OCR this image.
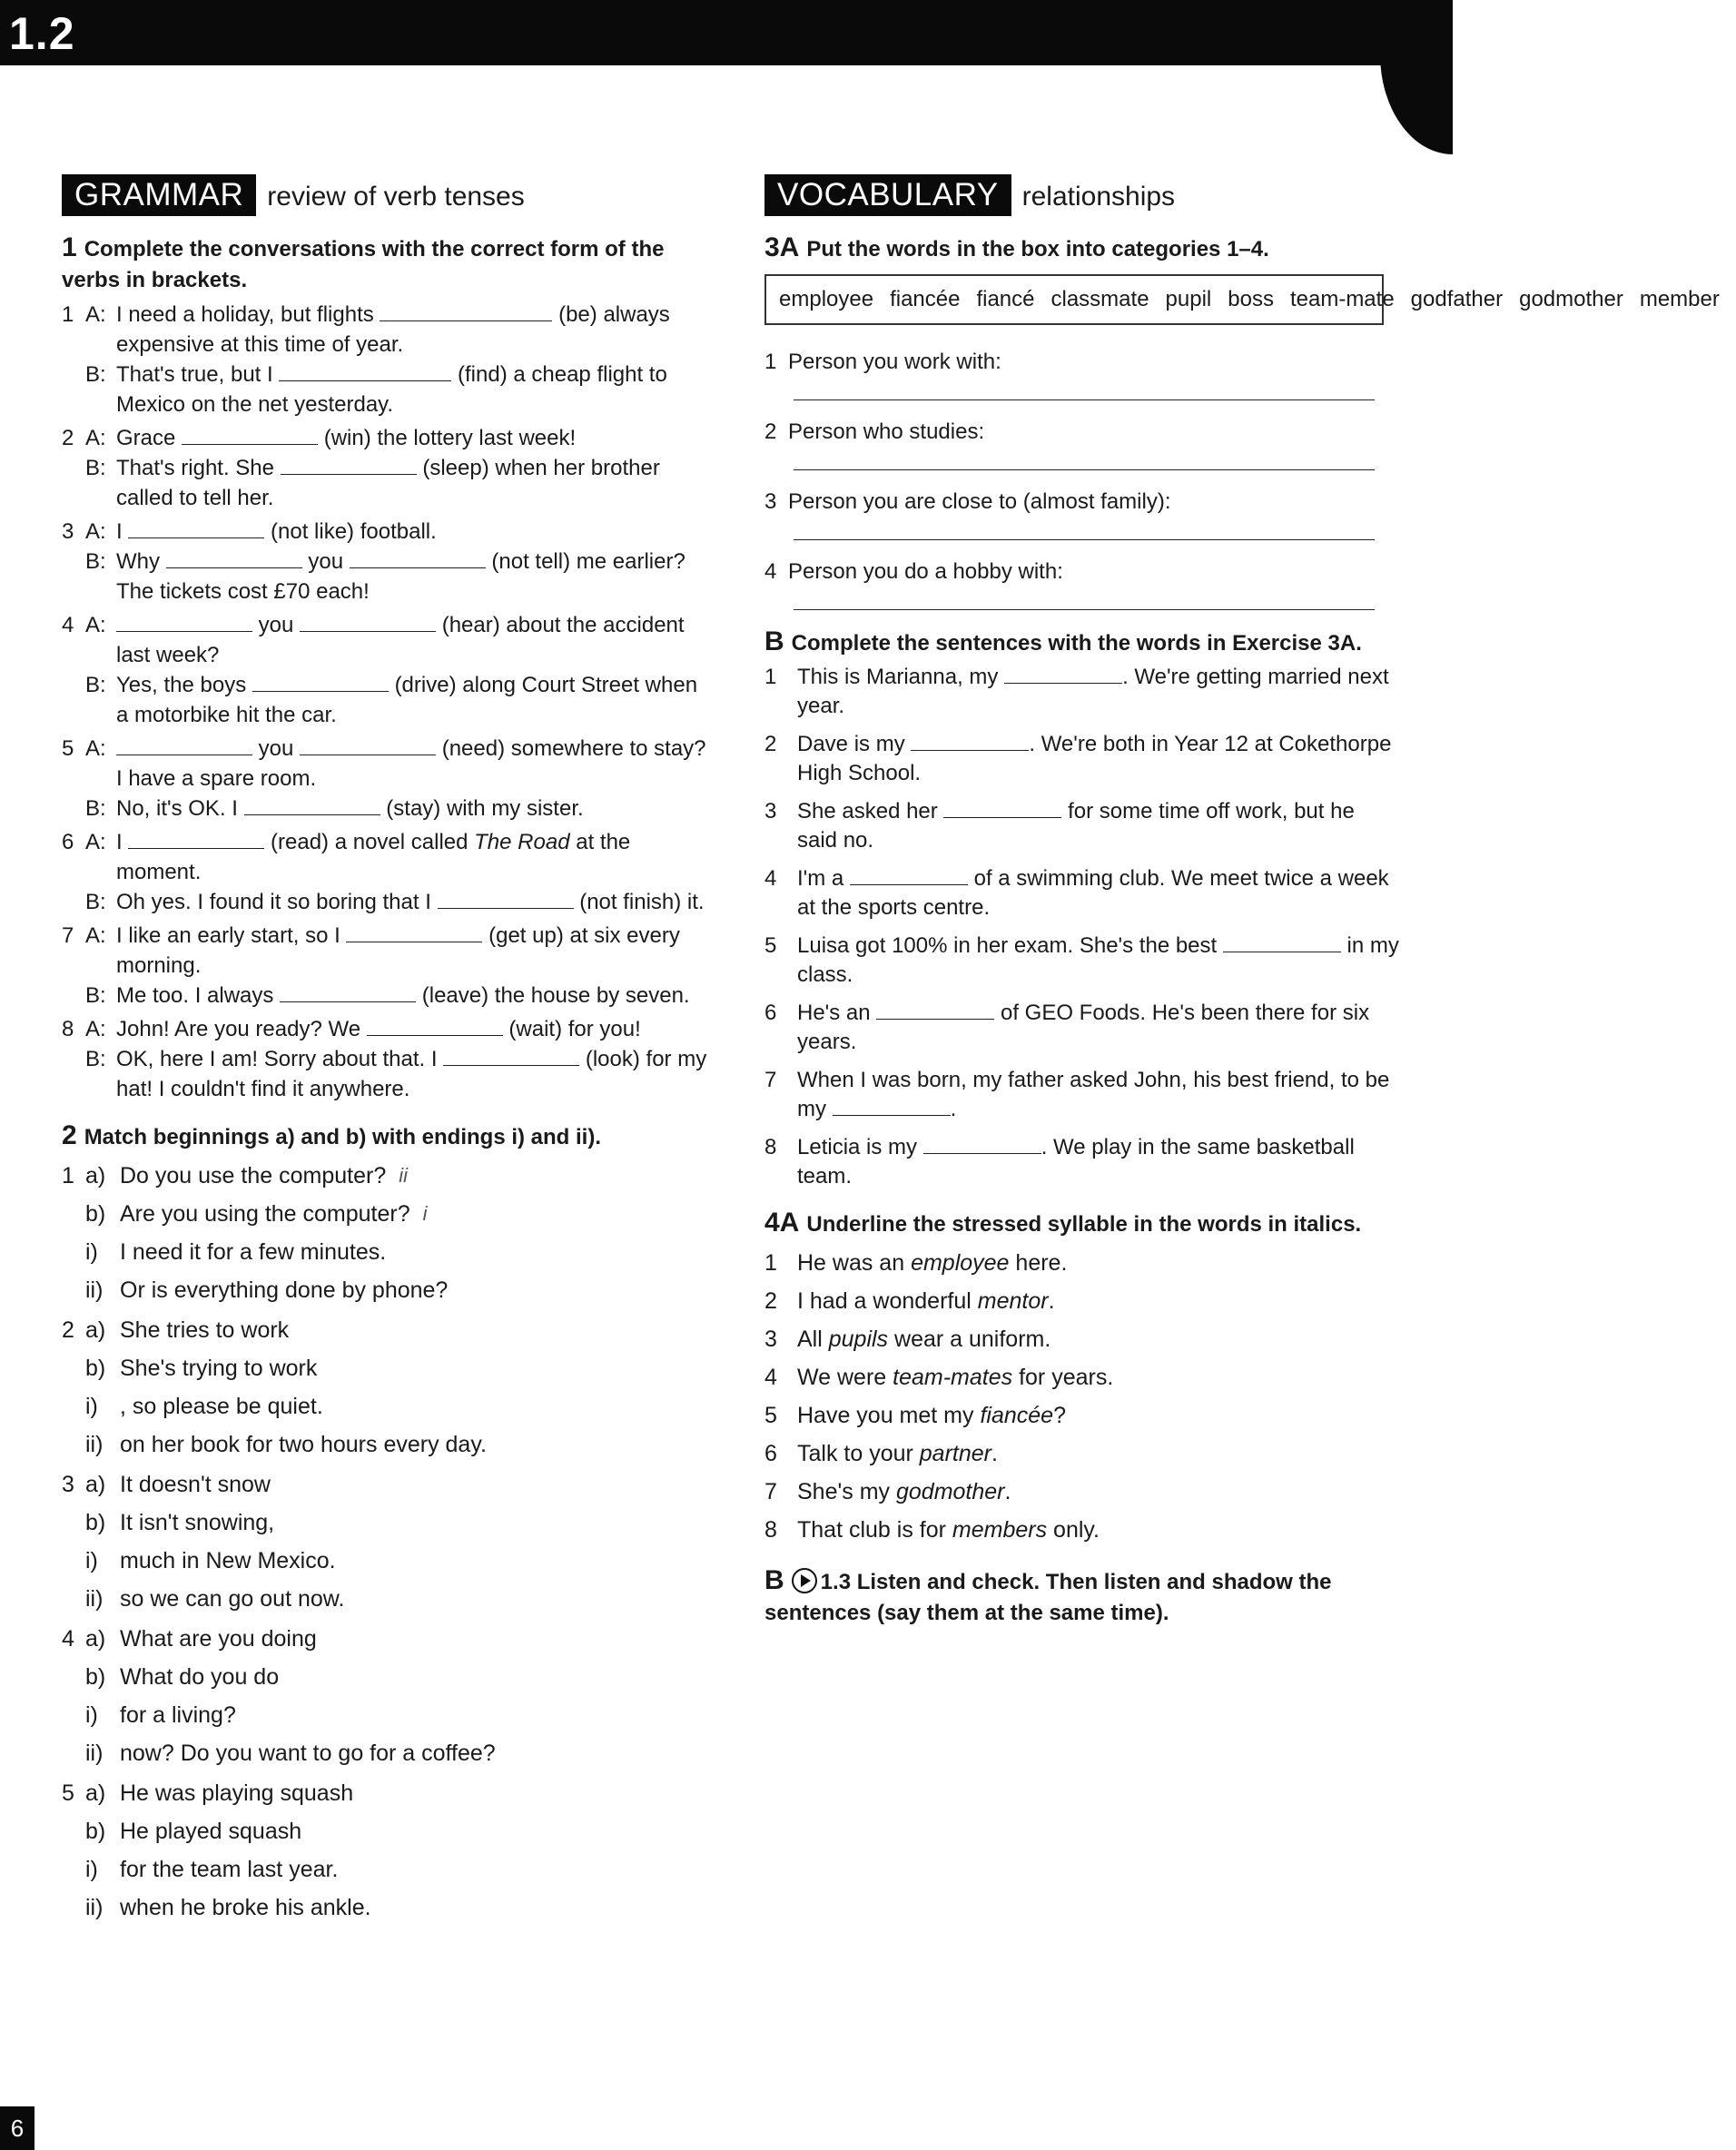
1.2
GRAMMAR review of verb tenses
1 Complete the conversations with the correct form of the verbs in brackets.
1 A: I need a holiday, but flights	(be) always expensive at this time of year.
B: That's true, but I	(find) a cheap flight to Mexico on the net yesterday.
2 A: Grace	(win) the lottery last week!
B: That's right. She	(sleep) when her brother called to tell her.
3 A: I	(not like) football.
B: Why	you	(not tell) me earlier? The tickets cost £70 each!
4 A:	you	(hear) about the accident last week?
B: Yes, the boys	(drive) along Court Street when a motorbike hit the car.
5 A:	you	(need) somewhere to stay? I have a spare room.
B: No, it's OK. I	(stay) with my sister.
6 A: I	(read) a novel called The Road at the moment.
B: Oh yes. I found it so boring that I	(not finish) it.
7 A: I like an early start, so I	(get up) at six every morning.
B: Me too. I always	(leave) the house by seven.
8 A: John! Are you ready? We	(wait) for you!
B: OK, here I am! Sorry about that. I	(look) for my hat! I couldn't find it anywhere.
2 Match beginnings a) and b) with endings i) and ii).
1 a) Do you use the computer? ii
b) Are you using the computer? i
i) I need it for a few minutes.
ii) Or is everything done by phone?
2 a) She tries to work
b) She's trying to work
i) , so please be quiet.
ii) on her book for two hours every day.
3 a) It doesn't snow
b) It isn't snowing,
i) much in New Mexico.
ii) so we can go out now.
4 a) What are you doing
b) What do you do
i) for a living?
ii) now? Do you want to go for a coffee?
5 a) He was playing squash
b) He played squash
i) for the team last year.
ii) when he broke his ankle.
VOCABULARY relationships
3A Put the words in the box into categories 1–4.
employee fiancée fiancé classmate pupil boss team-mate godfather godmother member
1 Person you work with:
2 Person who studies:
3 Person you are close to (almost family):
4 Person you do a hobby with:
B Complete the sentences with the words in Exercise 3A.
1 This is Marianna, my	. We're getting married next year.
2 Dave is my	. We're both in Year 12 at Cokethorpe High School.
3 She asked her	for some time off work, but he said no.
4 I'm a	of a swimming club. We meet twice a week at the sports centre.
5 Luisa got 100% in her exam. She's the best	in my class.
6 He's an	of GEO Foods. He's been there for six years.
7 When I was born, my father asked John, his best friend, to be my	.
8 Leticia is my	. We play in the same basketball team.
4A Underline the stressed syllable in the words in italics.
1 He was an employee here.
2 I had a wonderful mentor.
3 All pupils wear a uniform.
4 We were team-mates for years.
5 Have you met my fiancée?
6 Talk to your partner.
7 She's my godmother.
8 That club is for members only.
B 1.3 Listen and check. Then listen and shadow the sentences (say them at the same time).
6
